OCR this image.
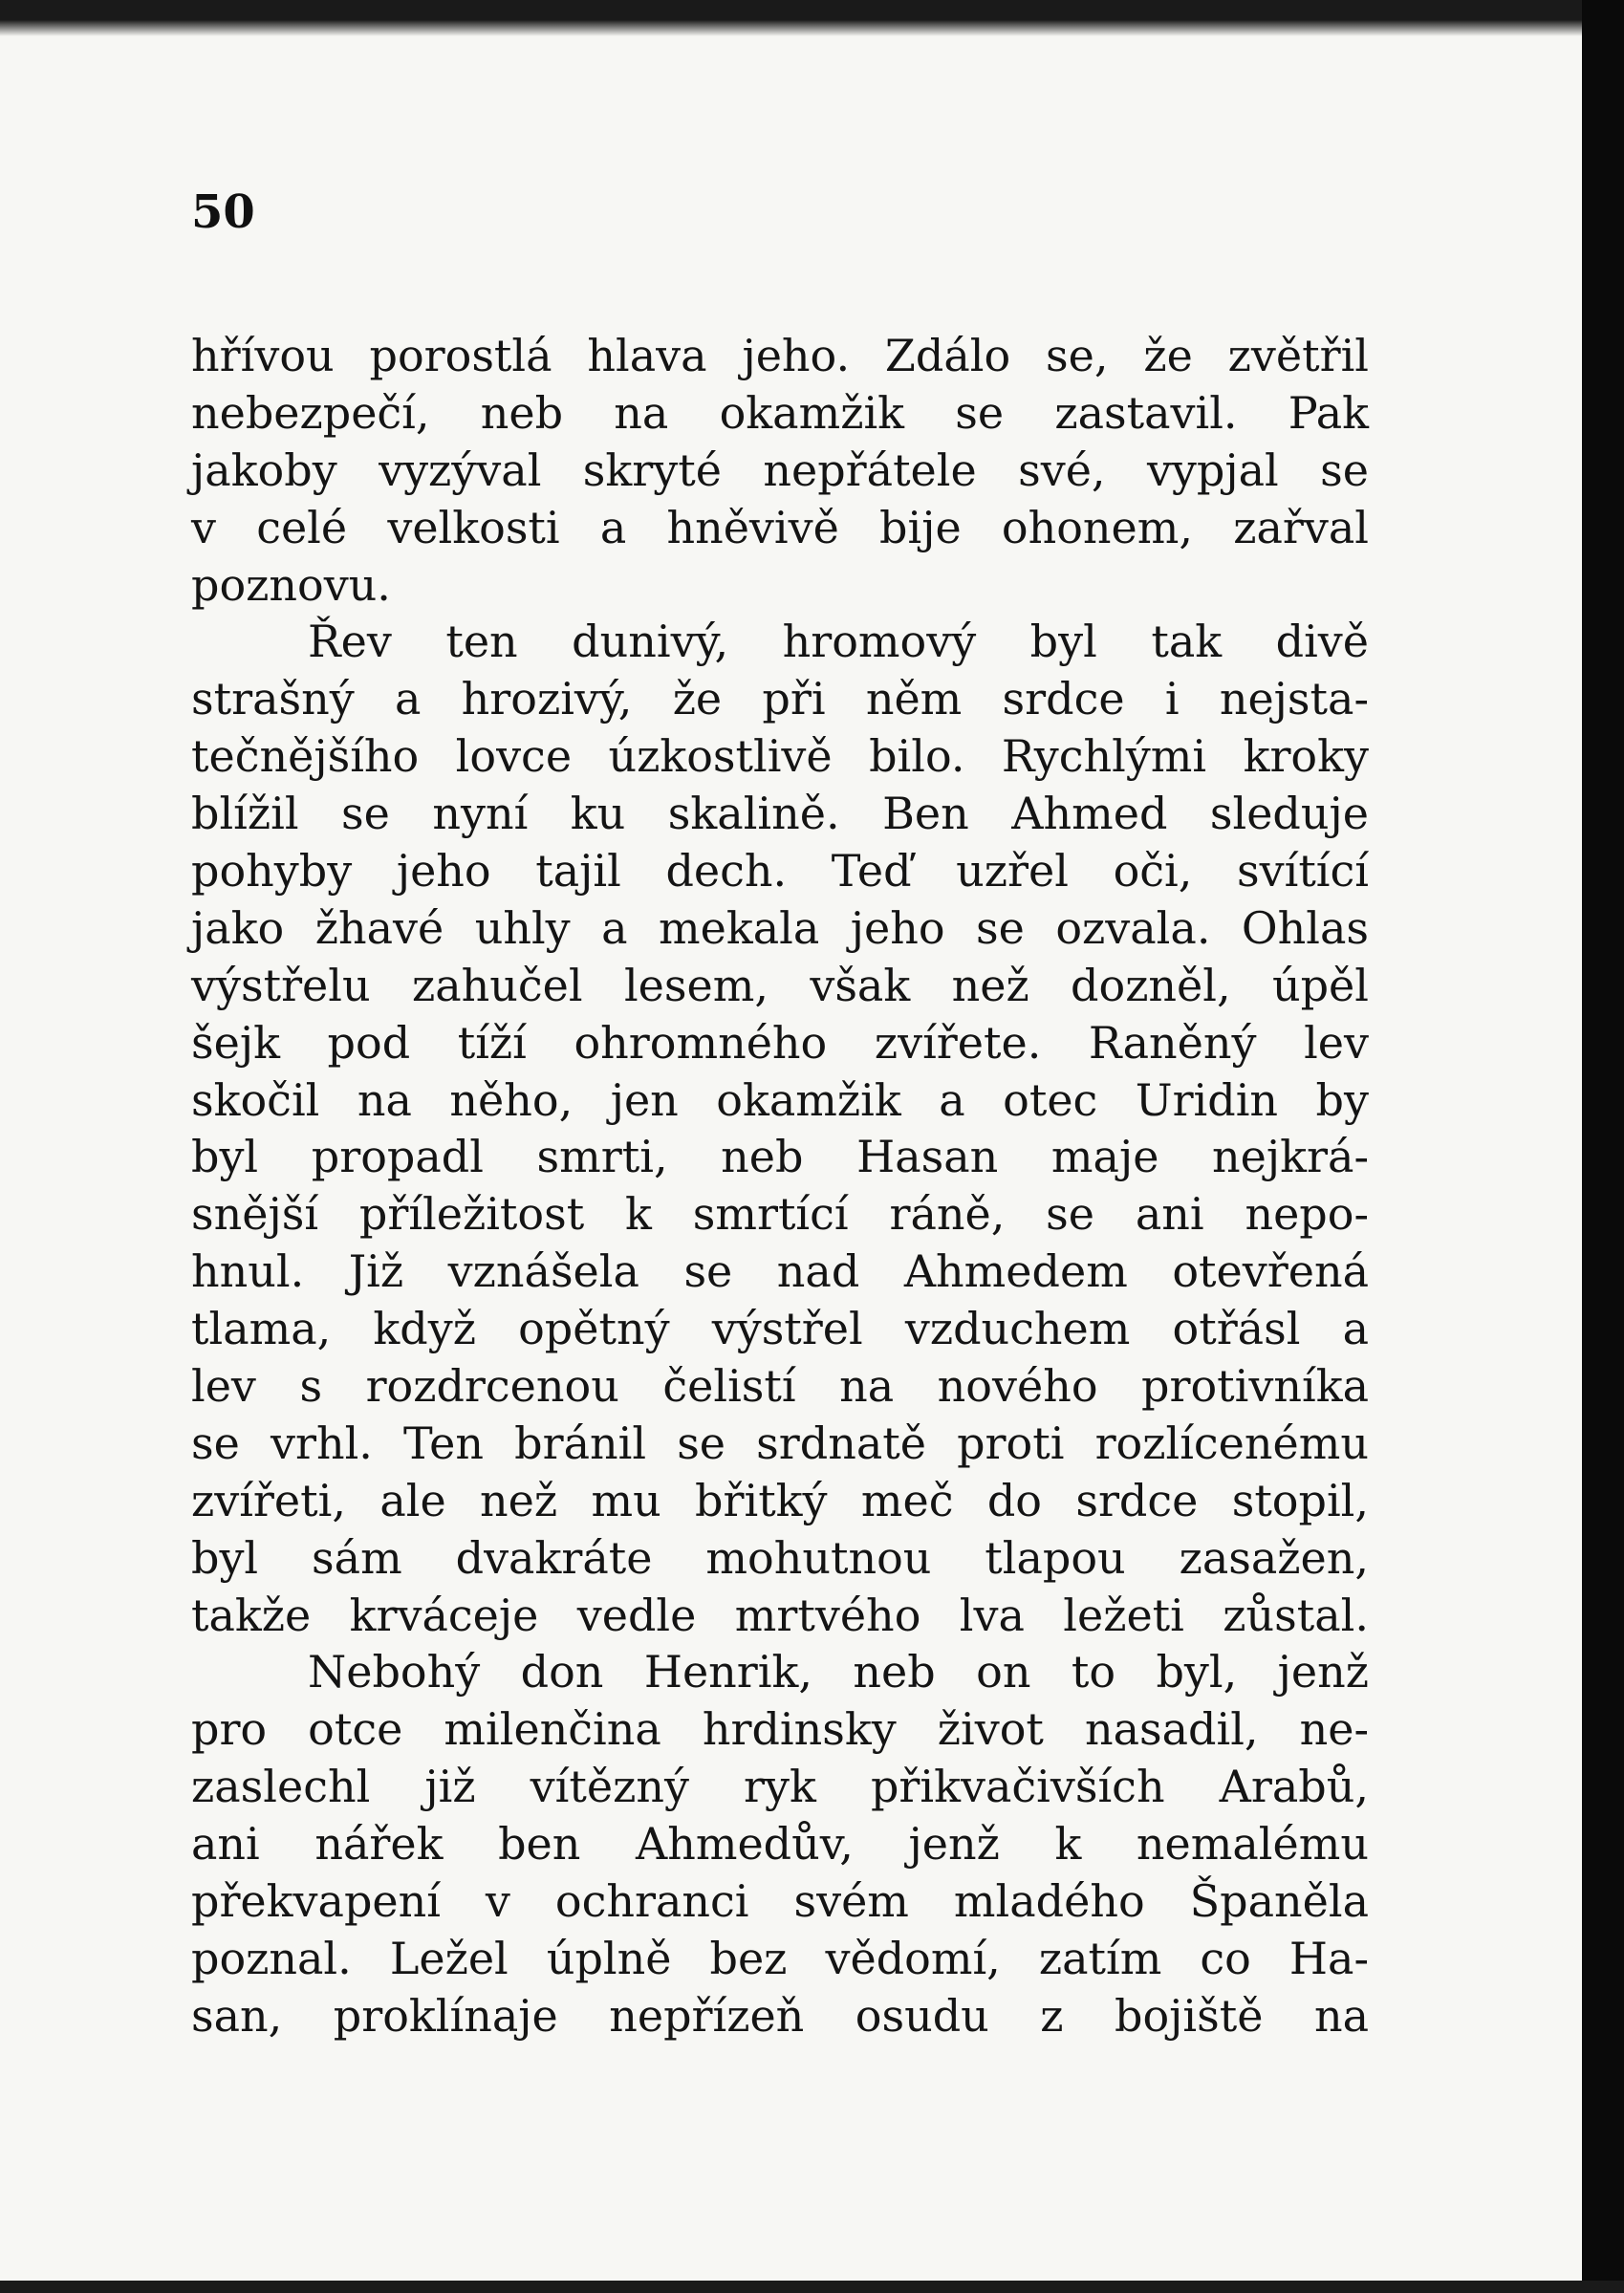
50
hřívou porostlá hlava jeho. Zdálo se, že zvětřil
nebezpečí, neb na okamžik se zastavil. Pak
jakoby vyzýval skryté nepřátele své, vypjal se
v celé velkosti a hněvivě bije ohonem, zařval
poznovu.
Řev ten dunivý, hromový byl tak divě
strašný a hrozivý, že při něm srdce i nejsta-
tečnějšího lovce úzkostlivě bilo. Rychlými kroky
blížil se nyní ku skalině. Ben Ahmed sleduje
pohyby jeho tajil dech. Teď uzřel oči, svítící
jako žhavé uhly a mekala jeho se ozvala. Ohlas
výstřelu zahučel lesem, však než dozněl, úpěl
šejk pod tíží ohromného zvířete. Raněný lev
skočil na něho, jen okamžik a otec Uridin by
byl propadl smrti, neb Hasan maje nejkrá-
snější příležitost k smrtící ráně, se ani nepo-
hnul. Již vznášela se nad Ahmedem otevřená
tlama, když opětný výstřel vzduchem otřásl a
lev s rozdrcenou čelistí na nového protivníka
se vrhl. Ten bránil se srdnatě proti rozlícenému
zvířeti, ale než mu břitký meč do srdce stopil,
byl sám dvakráte mohutnou tlapou zasažen,
takže krváceje vedle mrtvého lva ležeti zůstal.
Nebohý don Henrik, neb on to byl, jenž
pro otce milenčina hrdinsky život nasadil, ne-
zaslechl již vítězný ryk přikvačivších Arabů,
ani nářek ben Ahmedův, jenž k nemalému
překvapení v ochranci svém mladého Španěla
poznal. Ležel úplně bez vědomí, zatím co Ha-
san, proklínaje nepřízeň osudu z bojiště na
